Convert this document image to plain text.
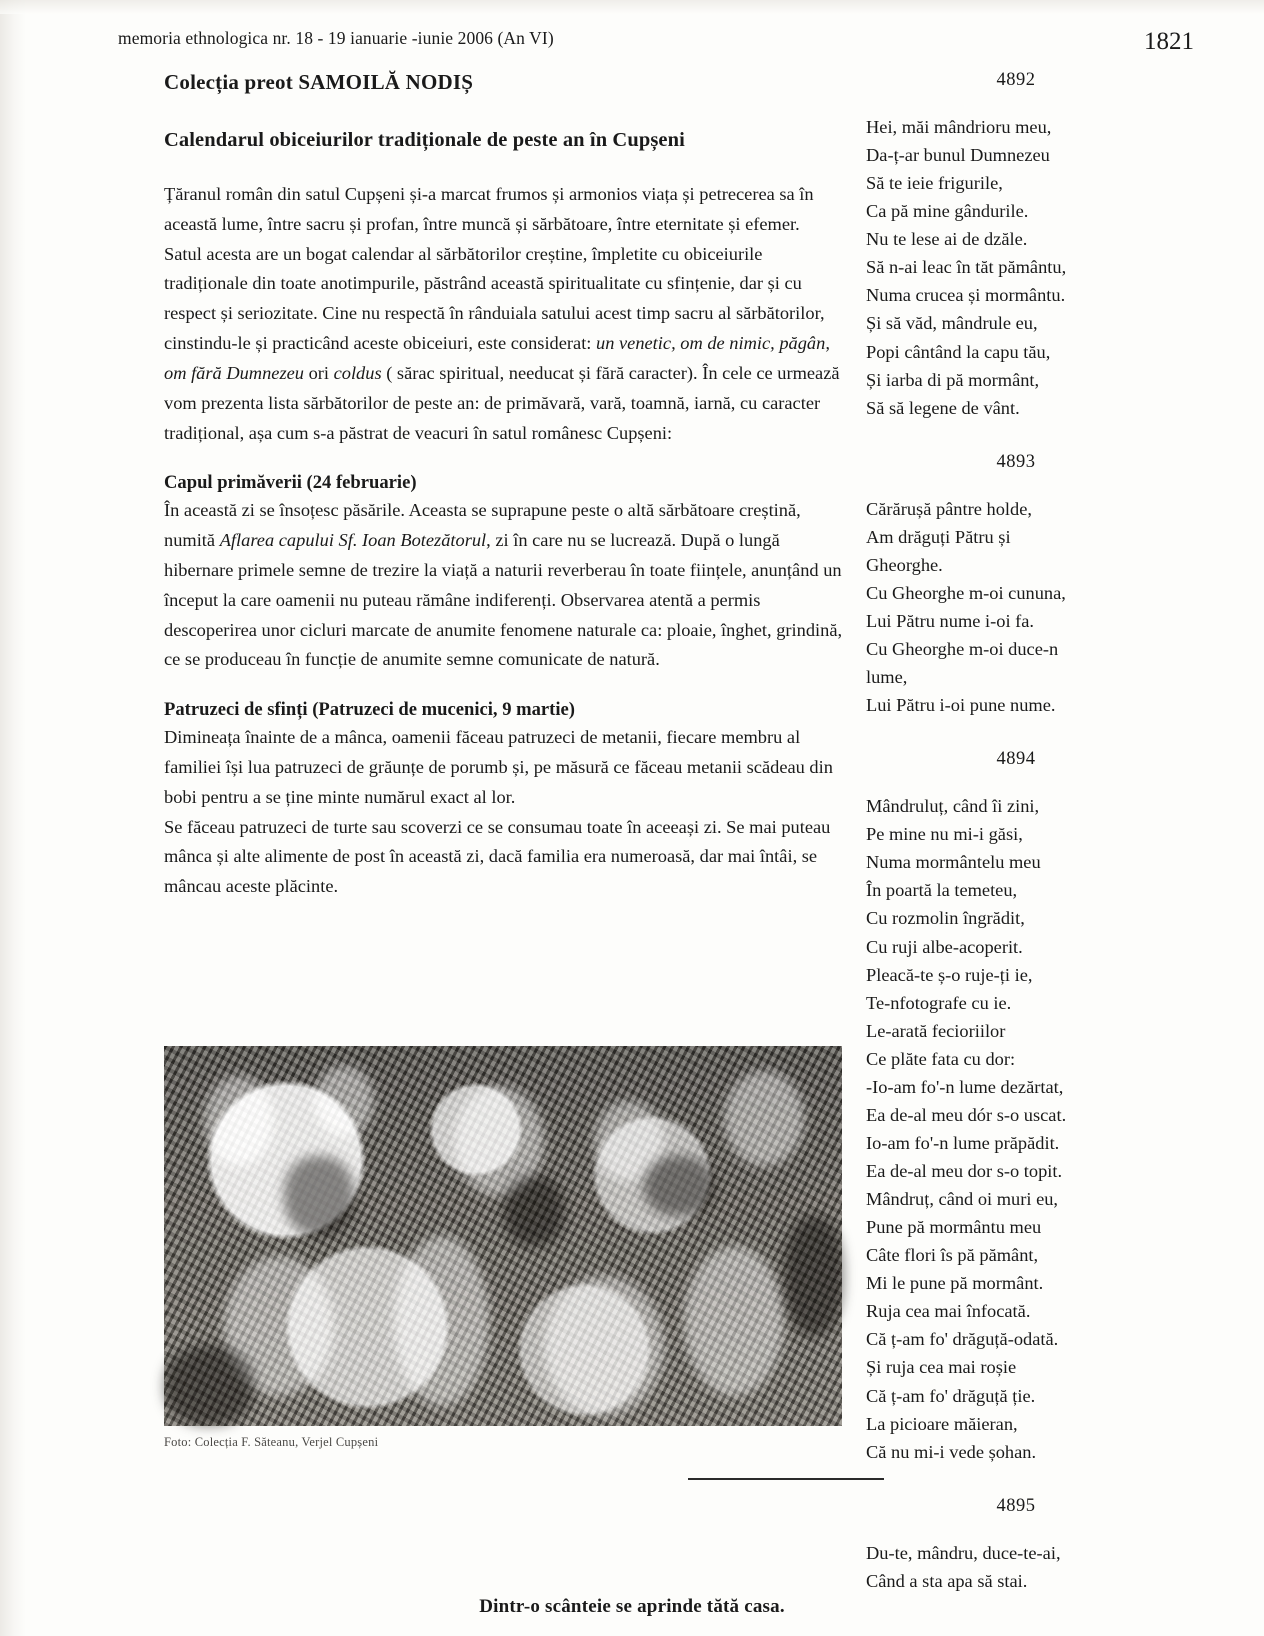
memoria ethnologica nr. 18 - 19 ianuarie -iunie 2006 (An VI)	1821
Colecția preot SAMOILĂ NODIȘ
Calendarul obiceiurilor tradiționale de peste an în Cupșeni

Țăranul român din satul Cupșeni și-a marcat frumos și armonios viața și petrecerea sa în această lume, între sacru și profan, între muncă și sărbătoare, între eternitate și efemer.

Satul acesta are un bogat calendar al sărbătorilor creștine, împletite cu obiceiurile tradiționale din toate anotimpurile, păstrând această spiritualitate cu sfințenie, dar și cu respect și seriozitate. Cine nu respectă în rânduiala satului acest timp sacru al sărbătorilor, cinstindu-le și practicând aceste obiceiuri, este considerat: un venetic, om de nimic, păgân, om fără Dumnezeu ori coldus ( sărac spiritual, needucat și fără caracter). În cele ce urmează vom prezenta lista sărbătorilor de peste an: de primăvară, vară, toamnă, iarnă, cu caracter tradițional, așa cum s-a păstrat de veacuri în satul românesc Cupșeni:

Capul primăverii (24 februarie)

În această zi se însoțesc păsările. Aceasta se suprapune peste o altă sărbătoare creștină, numită Aflarea capului Sf. Ioan Botezătorul, zi în care nu se lucrează. După o lungă hibernare primele semne de trezire la viață a naturii reverberau în toate ființele, anunțând un început la care oamenii nu puteau rămâne indiferenți. Observarea atentă a permis descoperirea unor cicluri marcate de anumite fenomene naturale ca: ploaie, înghet, grindină, ce se produceau în funcție de anumite semne comunicate de natură.

Patruzeci de sfinți (Patruzeci de mucenici, 9 martie)

Dimineața înainte de a mânca, oamenii făceau patruzeci de metanii, fiecare membru al familiei își lua patruzeci de grăunțe de porumb și, pe măsură ce făceau metanii scădeau din bobi pentru a se ține minte numărul exact al lor.

Se făceau patruzeci de turte sau scoverzi ce se consumau toate în aceeași zi. Se mai puteau mânca și alte alimente de post în această zi, dacă familia era numeroasă, dar mai întâi, se mâncau aceste plăcinte.

4892
Hei, măi mândrioru meu,
Da-ț-ar bunul Dumnezeu
Să te ieie frigurile,
Ca pă mine gândurile.
Nu te lese ai de dzăle.
Să n-ai leac în tăt pământu,
Numa crucea și mormântu.
Și să văd, mândrule eu,
Popi cântând la capu tău,
Și iarba di pă mormânt,
Să să legene de vânt.
4893
Cărărușă pântre holde,
Am drăguți Pătru și
Gheorghe.
Cu Gheorghe m-oi cununa,
Lui Pătru nume i-oi fa.
Cu Gheorghe m-oi duce-n
lume,
Lui Pătru i-oi pune nume.
4894
Mândruluț, când îi zini,
Pe mine nu mi-i găsi,
Numa mormântelu meu
În poartă la temeteu,
Cu rozmolin îngrădit,
Cu ruji albe-acoperit.
Pleacă-te ș-o ruje-ți ie,
Te-nfotografe cu ie.
Le-arată fecioriilor
Ce plăte fata cu dor:
-Io-am fo'-n lume dezărtat,
Ea de-al meu dór s-o uscat.
Io-am fo'-n lume prăpădit.
Ea de-al meu dor s-o topit.
Mândruț, când oi muri eu,
Pune pă mormântu meu
Câte flori îs pă pământ,
Mi le pune pă mormânt.
Ruja cea mai înfocată.
Că ț-am fo' drăguță-odată.
Și ruja cea mai roșie
Că ț-am fo' drăguță ție.
La picioare măieran,
Că nu mi-i vede șohan.
4895
Du-te, mândru, duce-te-ai,
Când a sta apa să stai.
Foto: Colecția F. Săteanu, Verjel Cupșeni
Dintr-o scânteie se aprinde tătă casa.
